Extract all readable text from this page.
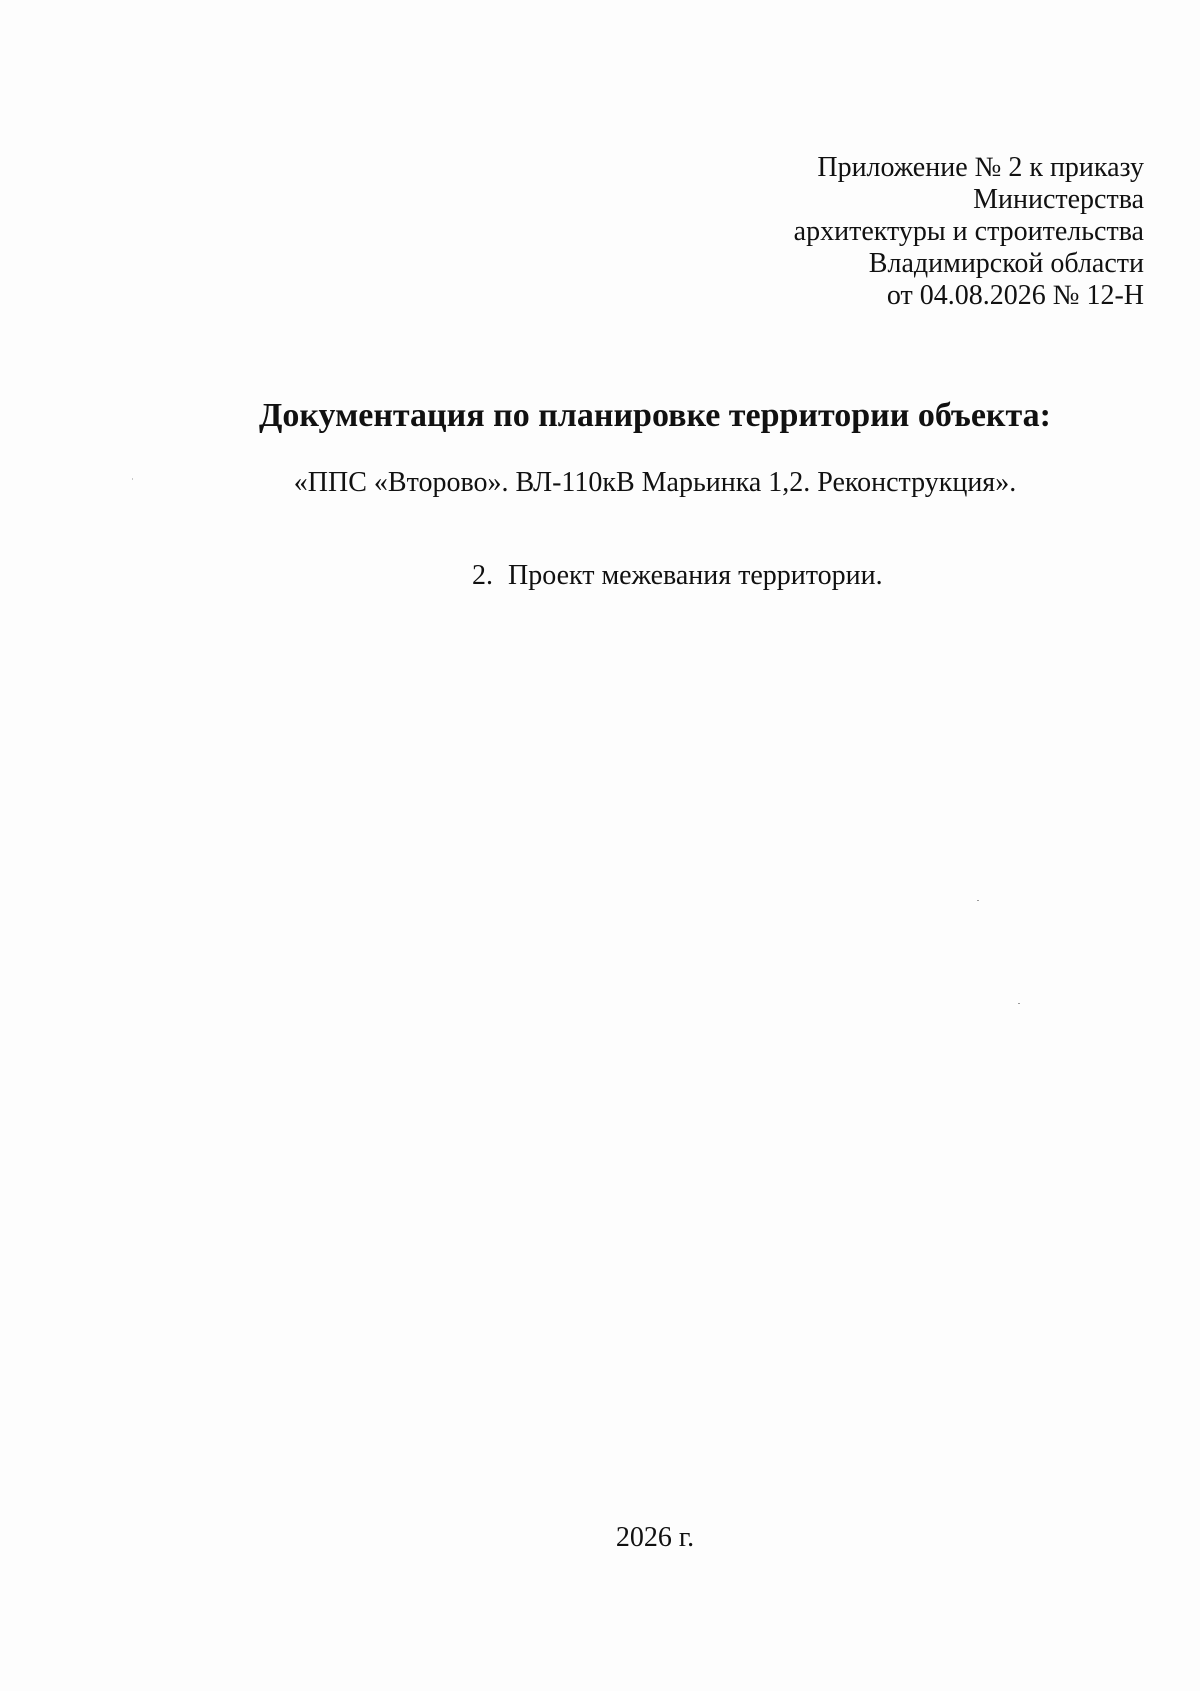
Приложение № 2 к приказу
Министерства
архитектуры и строительства
Владимирской области
от 04.08.2026 № 12-Н
Документация по планировке территории объекта:
«ППС «Второво». ВЛ-110кВ Марьинка 1,2. Реконструкция».
2. Проект межевания территории.
2026 г.
